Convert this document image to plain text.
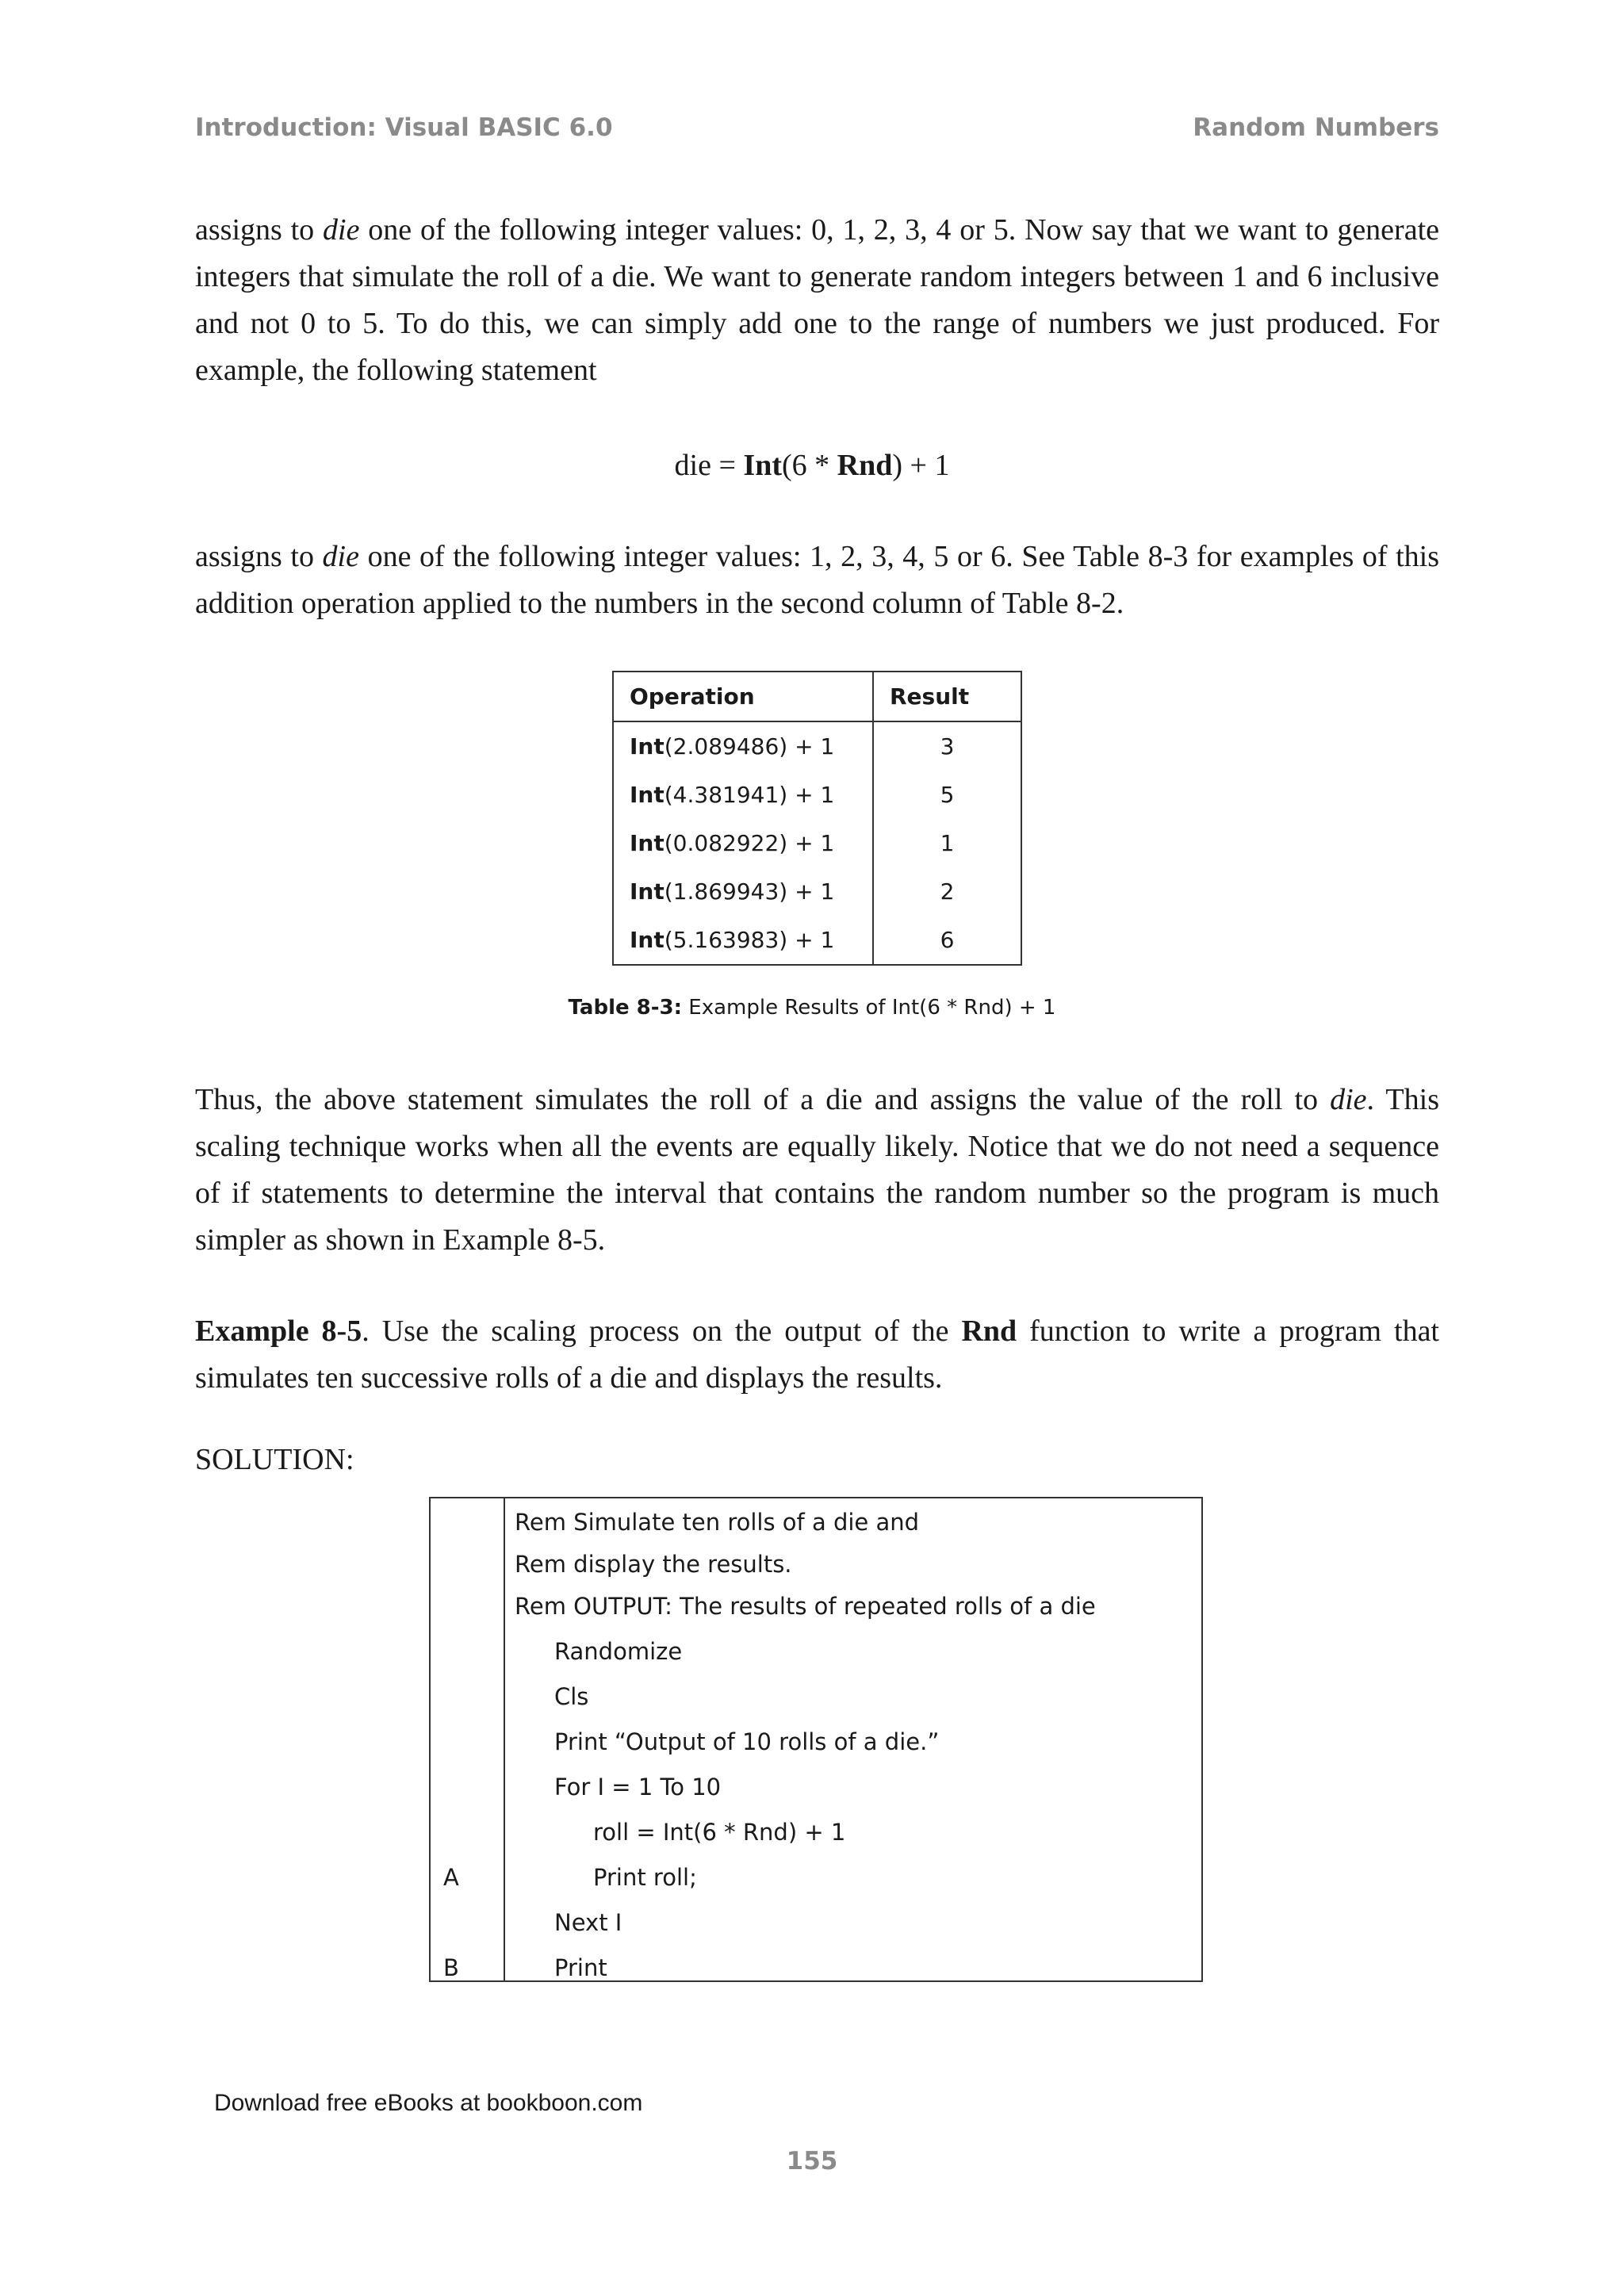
Introduction: Visual BASIC 6.0	Random Numbers

assigns to die one of the following integer values: 0, 1, 2, 3, 4 or 5. Now say that we want to generate integers that simulate the roll of a die. We want to generate random integers between 1 and 6 inclusive and not 0 to 5. To do this, we can simply add one to the range of numbers we just produced. For example, the following statement

die = Int(6 * Rnd) + 1

assigns to die one of the following integer values: 1, 2, 3, 4, 5 or 6. See Table 8-3 for examples of this addition operation applied to the numbers in the second column of Table 8-2.

Operation	Result
Int(2.089486) + 1	3
Int(4.381941) + 1	5
Int(0.082922) + 1	1
Int(1.869943) + 1	2
Int(5.163983) + 1	6
Table 8-3: Example Results of Int(6 * Rnd) + 1

Thus, the above statement simulates the roll of a die and assigns the value of the roll to die. This scaling technique works when all the events are equally likely. Notice that we do not need a sequence of if statements to determine the interval that contains the random number so the program is much simpler as shown in Example 8-5.

Example 8-5. Use the scaling process on the output of the Rnd function to write a program that simulates ten successive rolls of a die and displays the results.

SOLUTION:
Rem Simulate ten rolls of a die and
Rem display the results.
Rem OUTPUT: The results of repeated rolls of a die
Randomize
Cls
Print “Output of 10 rolls of a die.”
For I = 1 To 10
roll = Int(6 * Rnd) + 1
A	Print roll;
Next I
B	Print
Download free eBooks at bookboon.com
155
